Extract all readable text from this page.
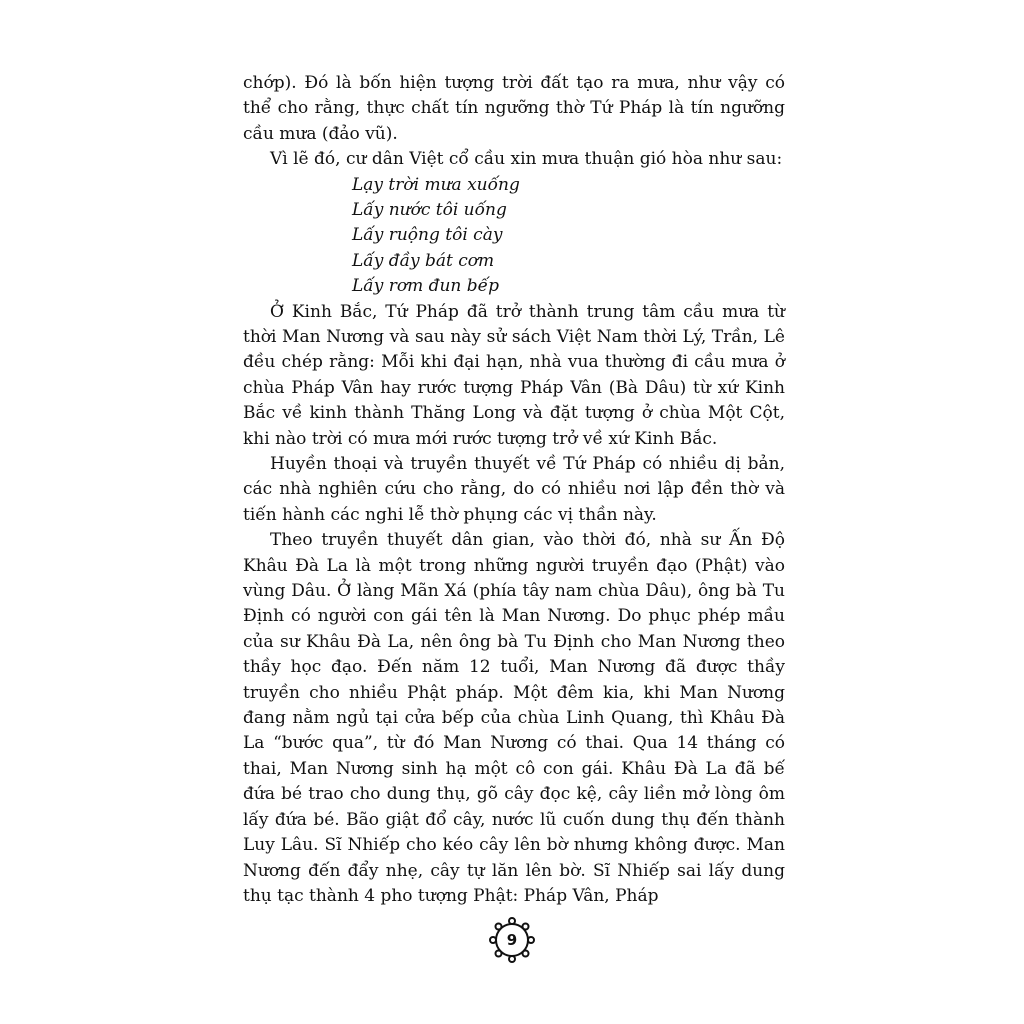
chớp). Đó là bốn hiện tượng trời đất tạo ra mưa, như vậy có thể cho rằng, thực chất tín ngưỡng thờ Tứ Pháp là tín ngưỡng cầu mưa (đảo vũ).

Vì lẽ đó, cư dân Việt cổ cầu xin mưa thuận gió hòa như sau:

Lạy trời mưa xuống
Lấy nước tôi uống
Lấy ruộng tôi cày
Lấy đầy bát cơm
Lấy rơm đun bếp

Ở Kinh Bắc, Tứ Pháp đã trở thành trung tâm cầu mưa từ thời Man Nương và sau này sử sách Việt Nam thời Lý, Trần, Lê đều chép rằng: Mỗi khi đại hạn, nhà vua thường đi cầu mưa ở chùa Pháp Vân hay rước tượng Pháp Vân (Bà Dâu) từ xứ Kinh Bắc về kinh thành Thăng Long và đặt tượng ở chùa Một Cột, khi nào trời có mưa mới rước tượng trở về xứ Kinh Bắc.

Huyền thoại và truyền thuyết về Tứ Pháp có nhiều dị bản, các nhà nghiên cứu cho rằng, do có nhiều nơi lập đền thờ và tiến hành các nghi lễ thờ phụng các vị thần này.

Theo truyền thuyết dân gian, vào thời đó, nhà sư Ấn Độ Khâu Đà La là một trong những người truyền đạo (Phật) vào vùng Dâu. Ở làng Mãn Xá (phía tây nam chùa Dâu), ông bà Tu Định có người con gái tên là Man Nương. Do phục phép mầu của sư Khâu Đà La, nên ông bà Tu Định cho Man Nương theo thầy học đạo. Đến năm 12 tuổi, Man Nương đã được thầy truyền cho nhiều Phật pháp. Một đêm kia, khi Man Nương đang nằm ngủ tại cửa bếp của chùa Linh Quang, thì Khâu Đà La “bước qua”, từ đó Man Nương có thai. Qua 14 tháng có thai, Man Nương sinh hạ một cô con gái. Khâu Đà La đã bế đứa bé trao cho dung thụ, gõ cây đọc kệ, cây liền mở lòng ôm lấy đứa bé. Bão giật đổ cây, nước lũ cuốn dung thụ đến thành Luy Lâu. Sĩ Nhiếp cho kéo cây lên bờ nhưng không được. Man Nương đến đẩy nhẹ, cây tự lăn lên bờ. Sĩ Nhiếp sai lấy dung thụ tạc thành 4 pho tượng Phật: Pháp Vân, Pháp

9
